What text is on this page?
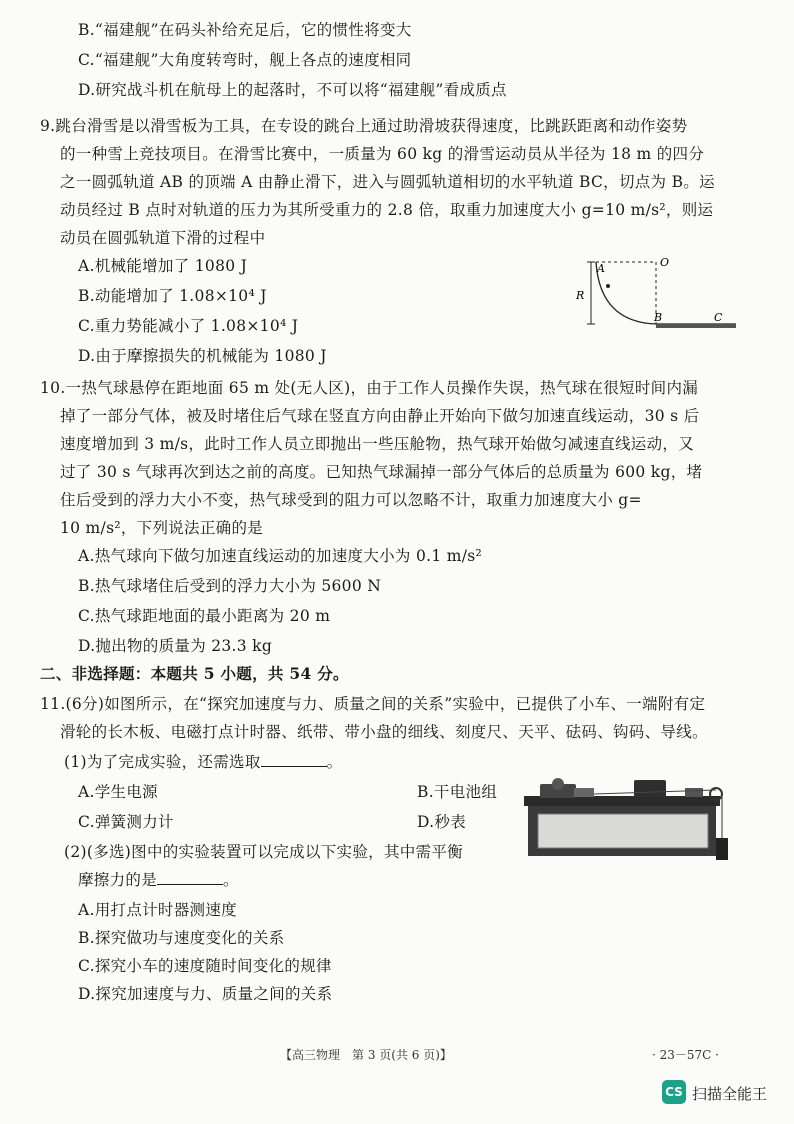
B.“福建舰”在码头补给充足后，它的惯性将变大
C.“福建舰”大角度转弯时，舰上各点的速度相同
D.研究战斗机在航母上的起落时，不可以将“福建舰”看成质点
9.跳台滑雪是以滑雪板为工具，在专设的跳台上通过助滑坡获得速度，比跳跃距离和动作姿势
的一种雪上竞技项目。在滑雪比赛中，一质量为 60 kg 的滑雪运动员从半径为 18 m 的四分
之一圆弧轨道 AB 的顶端 A 由静止滑下，进入与圆弧轨道相切的水平轨道 BC，切点为 B。运
动员经过 B 点时对轨道的压力为其所受重力的 2.8 倍，取重力加速度大小 g=10 m/s²，则运
动员在圆弧轨道下滑的过程中
A.机械能增加了 1080 J
B.动能增加了 1.08×10⁴ J
C.重力势能减小了 1.08×10⁴ J
D.由于摩擦损失的机械能为 1080 J
A	O
R
B	C
10.一热气球悬停在距地面 65 m 处(无人区)，由于工作人员操作失误，热气球在很短时间内漏
掉了一部分气体，被及时堵住后气球在竖直方向由静止开始向下做匀加速直线运动，30 s 后
速度增加到 3 m/s，此时工作人员立即抛出一些压舱物，热气球开始做匀减速直线运动，又
过了 30 s 气球再次到达之前的高度。已知热气球漏掉一部分气体后的总质量为 600 kg，堵
住后受到的浮力大小不变，热气球受到的阻力可以忽略不计，取重力加速度大小 g=
10 m/s²，下列说法正确的是
A.热气球向下做匀加速直线运动的加速度大小为 0.1 m/s²
B.热气球堵住后受到的浮力大小为 5600 N
C.热气球距地面的最小距离为 20 m
D.抛出物的质量为 23.3 kg
二、非选择题：本题共 5 小题，共 54 分。
11.(6分)如图所示，在“探究加速度与力、质量之间的关系”实验中，已提供了小车、一端附有定
滑轮的长木板、电磁打点计时器、纸带、带小盘的细线、刻度尺、天平、砝码、钩码、导线。
(1)为了完成实验，还需选取	。
A.学生电源	B.干电池组
C.弹簧测力计	D.秒表
(2)(多选)图中的实验装置可以完成以下实验，其中需平衡
摩擦力的是	。
A.用打点计时器测速度
B.探究做功与速度变化的关系
C.探究小车的速度随时间变化的规律
D.探究加速度与力、质量之间的关系
【高三物理　第 3 页(共 6 页)】	· 23－57C ·
CS 扫描全能王
